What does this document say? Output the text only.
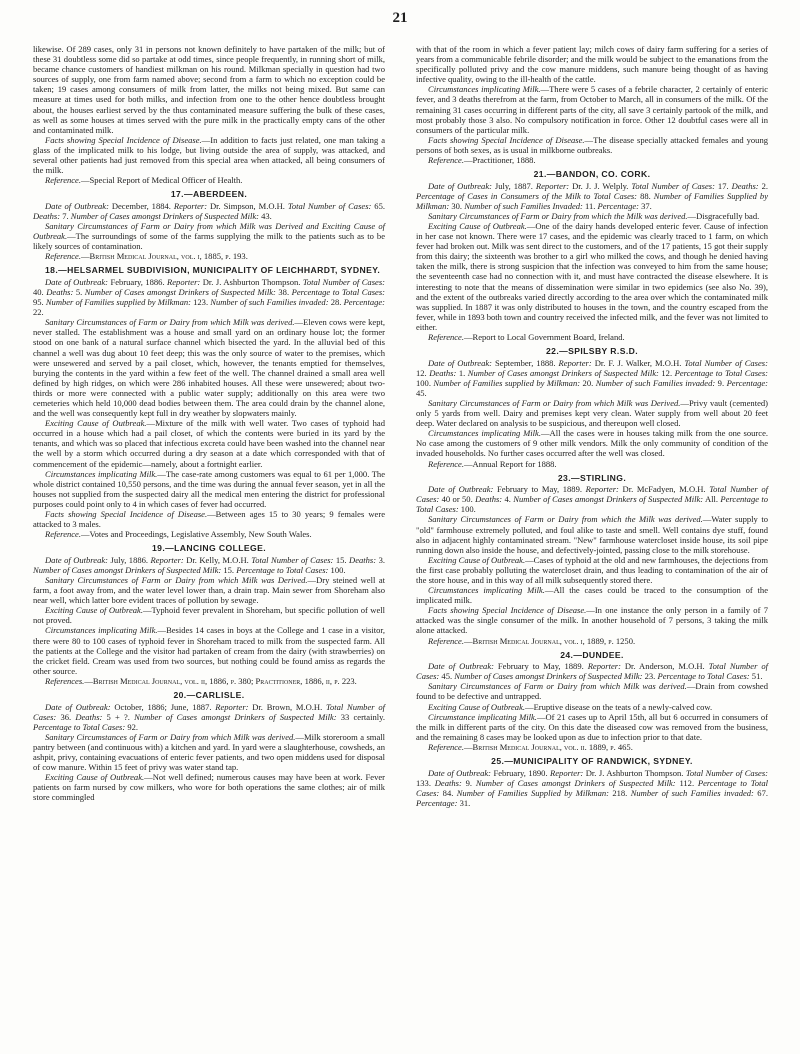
21

likewise. Of 289 cases, only 31 in persons not known definitely to have partaken of the milk; but of these 31 doubtless some did so partake at odd times, since people frequently, in running short of milk, became chance customers of handiest milkman on his round. Milkman specially in question had two sources of supply, one from farm named above; second from a farm to which no exception could be taken; 19 cases among consumers of milk from latter, the milks not being mixed. But same can measure at times used for both milks, and infection from one to the other hence doubtless brought about, the houses earliest served by the thus contaminated measure suffering the bulk of these cases, as well as some houses at times served with the pure milk in the practically empty cans of the other and contaminated milk.

Facts showing Special Incidence of Disease.—In addition to facts just related, one man taking a glass of the implicated milk to his lodge, but living outside the area of supply, was attacked, and several other patients had just removed from this special area when attacked, all being consumers of the milk.

Reference.—Special Report of Medical Officer of Health.

17.—ABERDEEN.

Date of Outbreak: December, 1884. Reporter: Dr. Simpson, M.O.H. Total Number of Cases: 65. Deaths: 7. Number of Cases amongst Drinkers of Suspected Milk: 43.

Sanitary Circumstances of Farm or Dairy from which Milk was Derived and Exciting Cause of Outbreak.—The surroundings of some of the farms supplying the milk to the patients such as to be likely sources of contamination.

Reference.—British Medical Journal, vol. i, 1885, p. 193.

18.—HELSARMEL SUBDIVISION, MUNICIPALITY OF LEICHHARDT, SYDNEY.

Date of Outbreak: February, 1886. Reporter: Dr. J. Ashburton Thompson. Total Number of Cases: 40. Deaths: 5. Number of Cases amongst Drinkers of Suspected Milk: 38. Percentage to Total Cases: 95. Number of Families supplied by Milkman: 123. Number of such Families invaded: 28. Percentage: 22.

Sanitary Circumstances of Farm or Dairy from which Milk was derived.—Eleven cows were kept, never stalled. The establishment was a house and small yard on an ordinary house lot; the former stood on one bank of a natural surface channel which bisected the yard. In the alluvial bed of this channel a well was dug about 10 feet deep; this was the only source of water to the premises, which were unsewered and served by a pail closet, which, however, the tenants emptied for themselves, burying the contents in the yard within a few feet of the well. The channel drained a small area well defined by high ridges, on which were 286 inhabited houses. All these were unsewered; about two-thirds or more were connected with a public water supply; additionally on this area were two cemeteries which held 10,000 dead bodies between them. The area could drain by the channel alone, and the well was consequently kept full in dry weather by slopwaters mainly.

Exciting Cause of Outbreak.—Mixture of the milk with well water. Two cases of typhoid had occurred in a house which had a pail closet, of which the contents were buried in its yard by the tenants, and which was so placed that infectious excreta could have been washed into the channel near the well by a storm which occurred during a dry season at a date which corresponded with that of commencement of the epidemic—namely, about a fortnight earlier.

Circumstances implicating Milk.—The case-rate among customers was equal to 61 per 1,000. The whole district contained 10,550 persons, and the time was during the annual fever season, yet in all the houses not supplied from the suspected dairy all the medical men entering the district for professional purposes could point only to 4 in which cases of fever had occurred.

Facts showing Special Incidence of Disease.—Between ages 15 to 30 years; 9 females were attacked to 3 males.

Reference.—Votes and Proceedings, Legislative Assembly, New South Wales.

19.—LANCING COLLEGE.

Date of Outbreak: July, 1886. Reporter: Dr. Kelly, M.O.H. Total Number of Cases: 15. Deaths: 3. Number of Cases amongst Drinkers of Suspected Milk: 15. Percentage to Total Cases: 100.

Sanitary Circumstances of Farm or Dairy from which Milk was Derived.—Dry steined well at farm, a foot away from, and the water level lower than, a drain trap. Main sewer from Shoreham also near well, which latter bore evident traces of pollution by sewage.

Exciting Cause of Outbreak.—Typhoid fever prevalent in Shoreham, but specific pollution of well not proved.

Circumstances implicating Milk.—Besides 14 cases in boys at the College and 1 case in a visitor, there were 80 to 100 cases of typhoid fever in Shoreham traced to milk from the suspected farm. All the patients at the College and the visitor had partaken of cream from the dairy (with strawberries) on the cricket field. Cream was used from two sources, but nothing could be found amiss as regards the other source.

References.—British Medical Journal, vol. ii, 1886, p. 380; Practitioner, 1886, ii, p. 223.

20.—CARLISLE.

Date of Outbreak: October, 1886; June, 1887. Reporter: Dr. Brown, M.O.H. Total Number of Cases: 36. Deaths: 5 + ?. Number of Cases amongst Drinkers of Suspected Milk: 33 certainly. Percentage to Total Cases: 92.

Sanitary Circumstances of Farm or Dairy from which Milk was derived.—Milk storeroom a small pantry between (and continuous with) a kitchen and yard. In yard were a slaughterhouse, cowsheds, an ashpit, privy, containing evacuations of enteric fever patients, and two open middens used for disposal of cow manure. Within 15 feet of privy was water stand tap.

Exciting Cause of Outbreak.—Not well defined; numerous causes may have been at work. Fever patients on farm nursed by cow milkers, who wore for both operations the same clothes; air of milk store commingled

with that of the room in which a fever patient lay; milch cows of dairy farm suffering for a series of years from a communicable febrile disorder; and the milk would be subject to the emanations from the specifically polluted privy and the cow manure middens, such manure being thought of as having infective quality, owing to the ill-health of the cattle.

Circumstances implicating Milk.—There were 5 cases of a febrile character, 2 certainly of enteric fever, and 3 deaths therefrom at the farm, from October to March, all in consumers of the milk. Of the remaining 31 cases occurring in different parts of the city, all save 3 certainly partook of the milk, and most probably those 3 also. No compulsory notification in force. Other 12 doubtful cases were all in consumers of the particular milk.

Facts showing Special Incidence of Disease.—The disease specially attacked females and young persons of both sexes, as is usual in milkborne outbreaks.

Reference.—Practitioner, 1888.

21.—BANDON, CO. CORK.

Date of Outbreak: July, 1887. Reporter: Dr. J. J. Welply. Total Number of Cases: 17. Deaths: 2. Percentage of Cases in Consumers of the Milk to Total Cases: 88. Number of Families Supplied by Milkman: 30. Number of such Families Invaded: 11. Percentage: 37.

Sanitary Circumstances of Farm or Dairy from which the Milk was derived.—Disgracefully bad.

Exciting Cause of Outbreak.—One of the dairy hands developed enteric fever. Cause of infection in her case not known. There were 17 cases, and the epidemic was clearly traced to 1 farm, on which fever had broken out. Milk was sent direct to the customers, and of the 17 patients, 15 got their supply from this dairy; the sixteenth was brother to a girl who milked the cows, and though he denied having taken the milk, there is strong suspicion that the infection was conveyed to him from the same house; the seventeenth case had no connection with it, and must have contracted the disease elsewhere. It is interesting to note that the means of dissemination were similar in two epidemics (see also No. 39), and the extent of the outbreaks varied directly according to the area over which the contaminated milk was supplied. In 1887 it was only distributed to houses in the town, and the country escaped from the fever, while in 1893 both town and country received the infected milk, and the fever was not limited to either.

Reference.—Report to Local Government Board, Ireland.

22.—SPILSBY R.S.D.

Date of Outbreak: September, 1888. Reporter: Dr. F. J. Walker, M.O.H. Total Number of Cases: 12. Deaths: 1. Number of Cases amongst Drinkers of Suspected Milk: 12. Percentage to Total Cases: 100. Number of Families supplied by Milkman: 20. Number of such Families invaded: 9. Percentage: 45.

Sanitary Circumstances of Farm or Dairy from which Milk was Derived.—Privy vault (cemented) only 5 yards from well. Dairy and premises kept very clean. Water supply from well about 20 feet deep. Water declared on analysis to be suspicious, and thereupon well closed.

Circumstances implicating Milk.—All the cases were in houses taking milk from the one source. No case among the customers of 9 other milk vendors. Milk the only community of condition of the invaded households. No further cases occurred after the well was closed.

Reference.—Annual Report for 1888.

23.—STIRLING.

Date of Outbreak: February to May, 1889. Reporter: Dr. McFadyen, M.O.H. Total Number of Cases: 40 or 50. Deaths: 4. Number of Cases amongst Drinkers of Suspected Milk: All. Percentage to Total Cases: 100.

Sanitary Circumstances of Farm or Dairy from which the Milk was derived.—Water supply to "old" farmhouse extremely polluted, and foul alike to taste and smell. Well contains dye stuff, found also in adjacent highly contaminated stream. "New" farmhouse watercloset inside house, its soil pipe running down also inside the house, and defectively-jointed, passing close to the milk storehouse.

Exciting Cause of Outbreak.—Cases of typhoid at the old and new farmhouses, the dejections from the first case probably polluting the watercloset drain, and thus leading to contamination of the air of the store house, and in this way of all milk subsequently stored there.

Circumstances implicating Milk.—All the cases could be traced to the consumption of the implicated milk.

Facts showing Special Incidence of Disease.—In one instance the only person in a family of 7 attacked was the single consumer of the milk. In another household of 7 persons, 3 taking the milk alone attacked.

Reference.—British Medical Journal, vol. i, 1889, p. 1250.

24.—DUNDEE.

Date of Outbreak: February to May, 1889. Reporter: Dr. Anderson, M.O.H. Total Number of Cases: 45. Number of Cases amongst Drinkers of Suspected Milk: 23. Percentage to Total Cases: 51.

Sanitary Circumstances of Farm or Dairy from which Milk was derived.—Drain from cowshed found to be defective and untrapped.

Exciting Cause of Outbreak.—Eruptive disease on the teats of a newly-calved cow.

Circumstance implicating Milk.—Of 21 cases up to April 15th, all but 6 occurred in consumers of the milk in different parts of the city. On this date the diseased cow was removed from the business, and the remaining 8 cases may be looked upon as due to infection prior to that date.

Reference.—British Medical Journal, vol. ii. 1889, p. 465.

25.—MUNICIPALITY OF RANDWICK, SYDNEY.

Date of Outbreak: February, 1890. Reporter: Dr. J. Ashburton Thompson. Total Number of Cases: 133. Deaths: 9. Number of Cases amongst Drinkers of Suspected Milk: 112. Percentage to Total Cases: 84. Number of Families Supplied by Milkman: 218. Number of such Families invaded: 67. Percentage: 31.
